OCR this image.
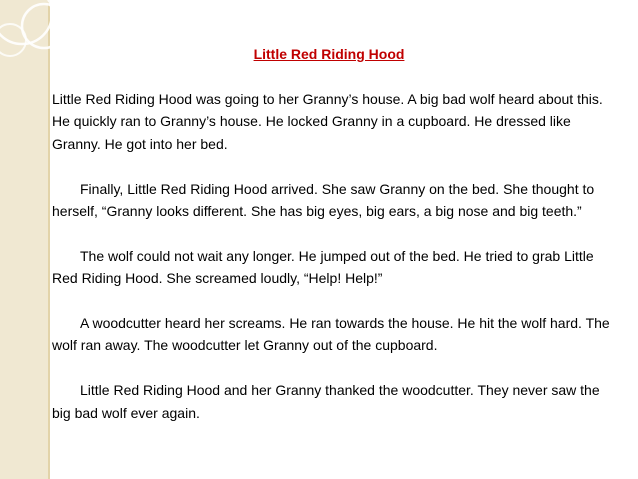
Little Red Riding Hood

Little Red Riding Hood was going to her Granny’s house. A big bad wolf heard about this. He quickly ran to Granny’s house. He locked Granny in a cupboard. He dressed like Granny. He got into her bed.

Finally, Little Red Riding Hood arrived. She saw Granny on the bed. She thought to herself, “Granny looks different. She has big eyes, big ears, a big nose and big teeth.”

The wolf could not wait any longer. He jumped out of the bed. He tried to grab Little Red Riding Hood. She screamed loudly, “Help! Help!”

A woodcutter heard her screams. He ran towards the house. He hit the wolf hard. The wolf ran away. The woodcutter let Granny out of the cupboard.

Little Red Riding Hood and her Granny thanked the woodcutter. They never saw the big bad wolf ever again.
